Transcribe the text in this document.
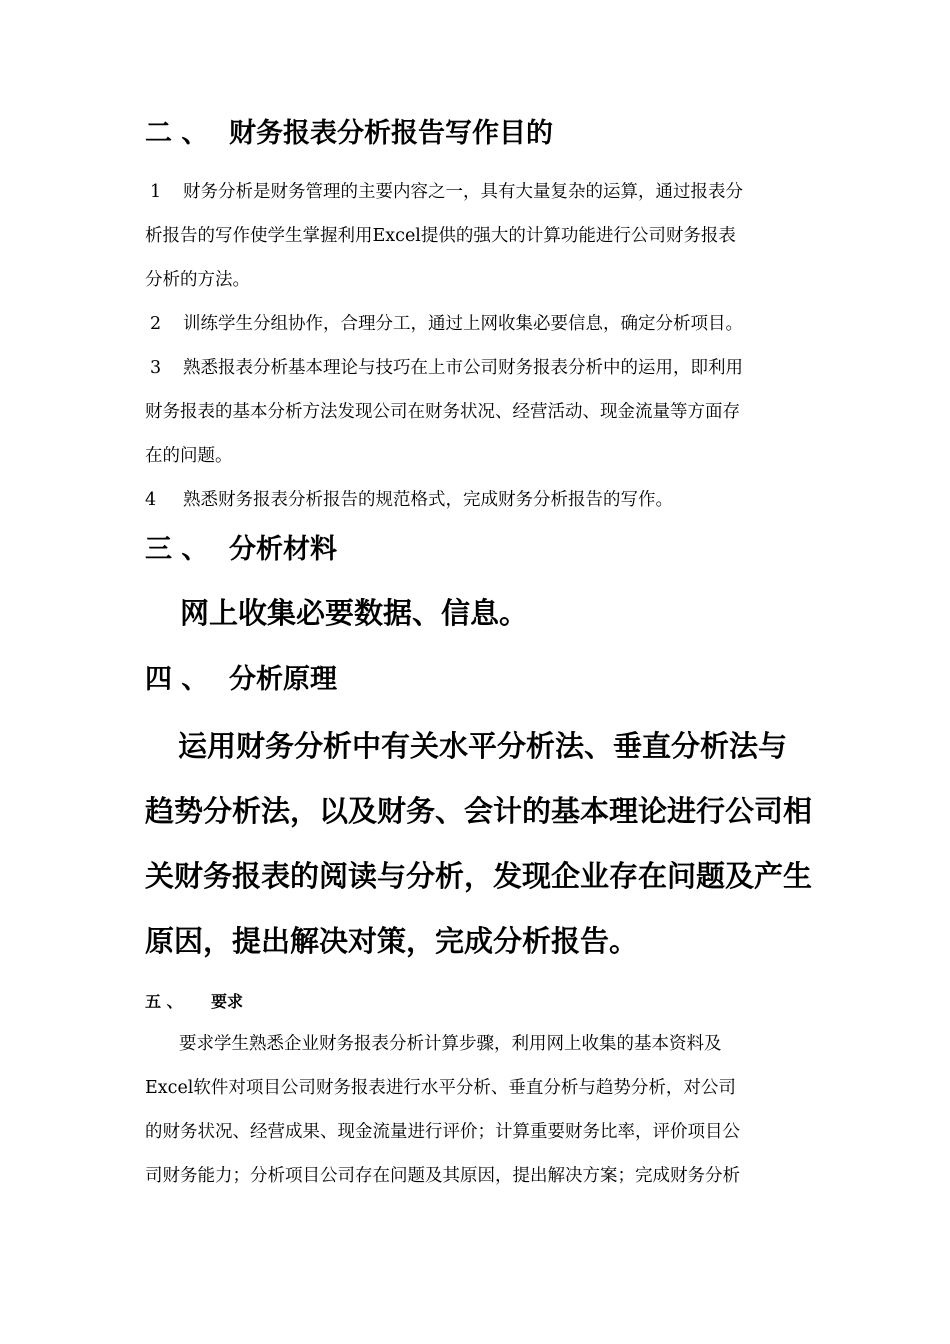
二 、 财务报表分析报告写作目的
1 财务分析是财务管理的主要内容之一，具有大量复杂的运算，通过报表分
析报告的写作使学生掌握利用Excel提供的强大的计算功能进行公司财务报表
分析的方法。
2 训练学生分组协作，合理分工，通过上网收集必要信息，确定分析项目。
3 熟悉报表分析基本理论与技巧在上市公司财务报表分析中的运用，即利用
财务报表的基本分析方法发现公司在财务状况、经营活动、现金流量等方面存
在的问题。
4 熟悉财务报表分析报告的规范格式，完成财务分析报告的写作。
三 、 分析材料

网上收集必要数据、信息。

四 、 分析原理

运用财务分析中有关水平分析法、垂直分析法与

趋势分析法，以及财务、会计的基本理论进行公司相

关财务报表的阅读与分析，发现企业存在问题及产生

原因，提出解决对策，完成分析报告。

五 、 要求
要求学生熟悉企业财务报表分析计算步骤，利用网上收集的基本资料及
Excel软件对项目公司财务报表进行水平分析、垂直分析与趋势分析，对公司
的财务状况、经营成果、现金流量进行评价；计算重要财务比率，评价项目公
司财务能力；分析项目公司存在问题及其原因，提出解决方案；完成财务分析
